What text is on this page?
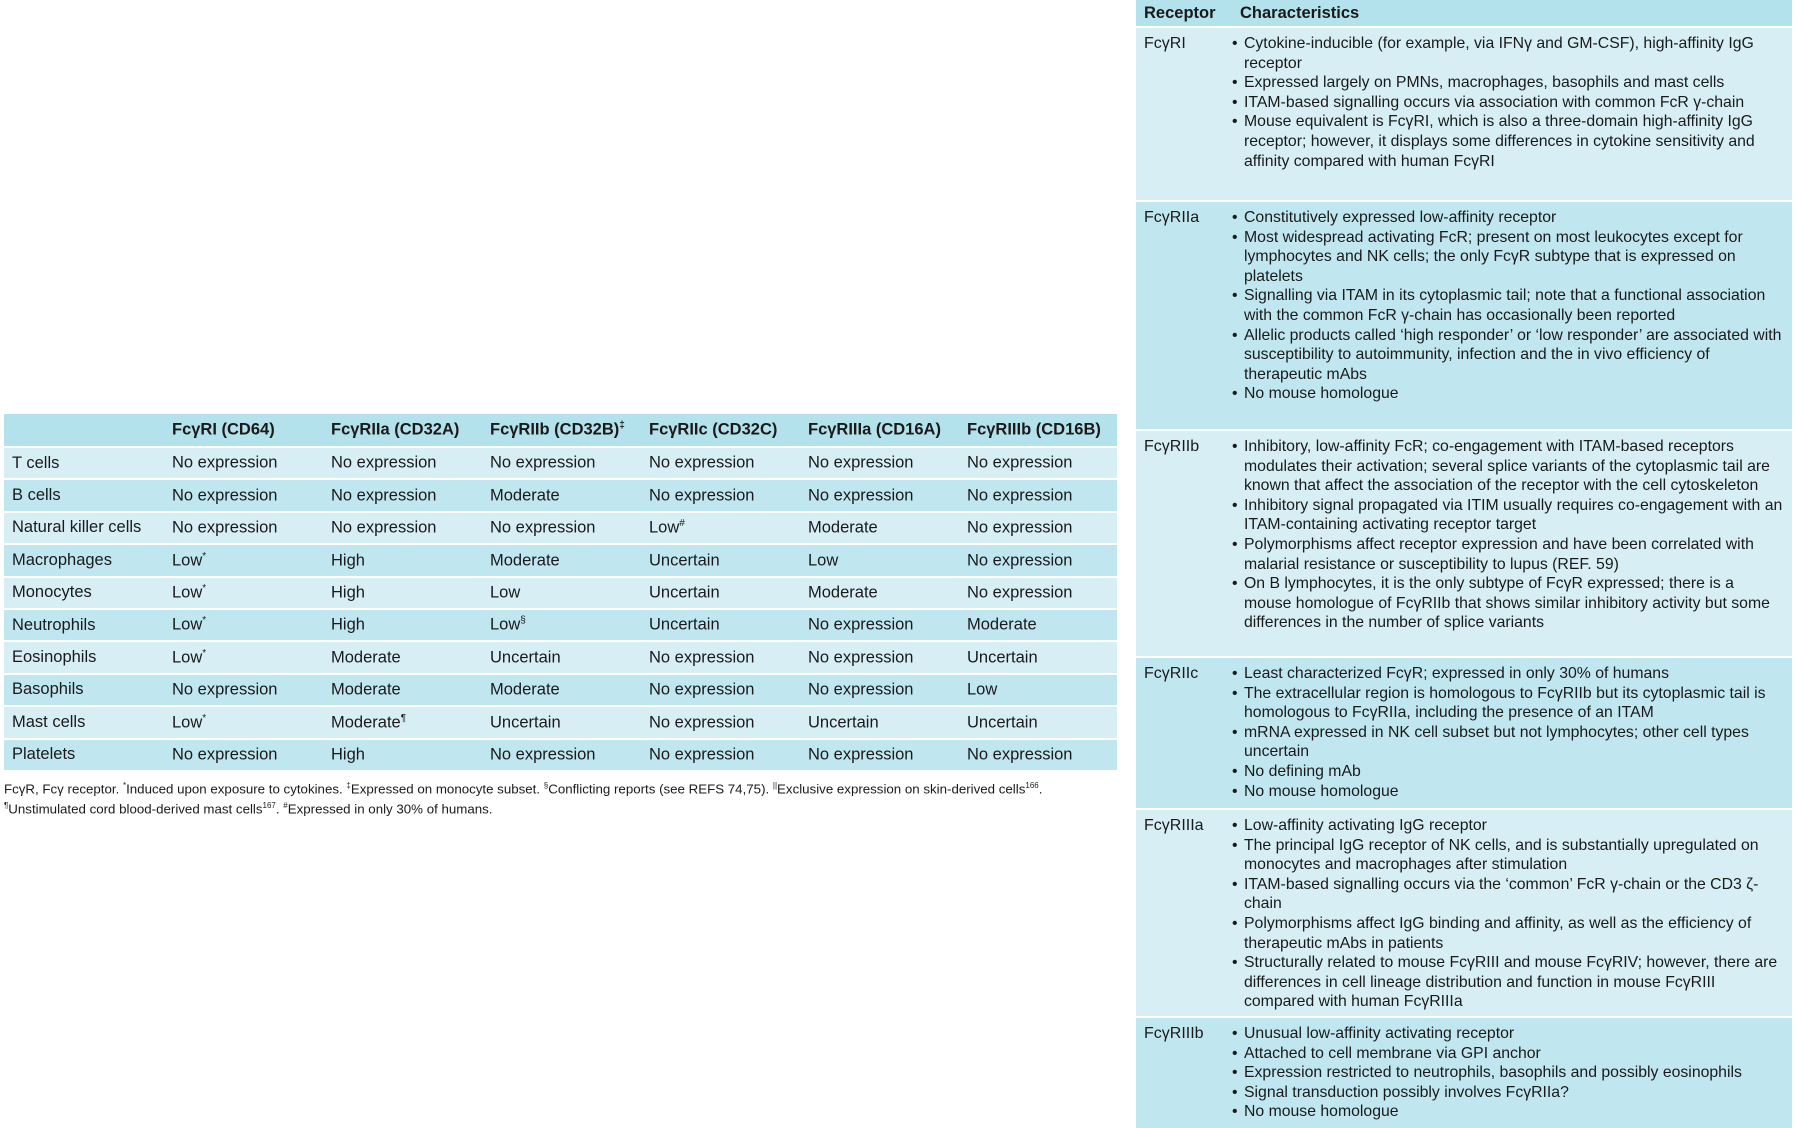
	FcγRI (CD64)	FcγRIIa (CD32A)	FcγRIIb (CD32B)‡	FcγRIIc (CD32C)	FcγRIIIa (CD16A)	FcγRIIIb (CD16B)
T cells	No expression	No expression	No expression	No expression	No expression	No expression
B cells	No expression	No expression	Moderate	No expression	No expression	No expression
Natural killer cells	No expression	No expression	No expression	Low#	Moderate	No expression
Macrophages	Low*	High	Moderate	Uncertain	Low	No expression
Monocytes	Low*	High	Low	Uncertain	Moderate	No expression
Neutrophils	Low*	High	Low§	Uncertain	No expression	Moderate
Eosinophils	Low*	Moderate	Uncertain	No expression	No expression	Uncertain
Basophils	No expression	Moderate	Moderate	No expression	No expression	Low
Mast cells	Low*	Moderate¶	Uncertain	No expression	Uncertain	Uncertain
Platelets	No expression	High	No expression	No expression	No expression	No expression
FcγR, Fcγ receptor. *Induced upon exposure to cytokines. ‡Expressed on monocyte subset. §Conflicting reports (see REFS 74,75). ||Exclusive expression on skin-derived cells$^{166}$. ¶Unstimulated cord blood-derived mast cells$^{167}$. #Expressed in only 30% of humans.
Receptor	Characteristics
FcγRI	• Cytokine-inducible (for example, via IFNγ and GM-CSF), high-affinity IgG receptor
• Expressed largely on PMNs, macrophages, basophils and mast cells
• ITAM-based signalling occurs via association with common FcR γ-chain
• Mouse equivalent is FcγRI, which is also a three-domain high-affinity IgG receptor; however, it displays some differences in cytokine sensitivity and affinity compared with human FcγRI
FcγRIIa	• Constitutively expressed low-affinity receptor
• Most widespread activating FcR; present on most leukocytes except for lymphocytes and NK cells; the only FcγR subtype that is expressed on platelets
• Signalling via ITAM in its cytoplasmic tail; note that a functional association with the common FcR γ-chain has occasionally been reported
• Allelic products called ‘high responder’ or ‘low responder’ are associated with susceptibility to autoimmunity, infection and the in vivo efficiency of therapeutic mAbs
• No mouse homologue
FcγRIIb	• Inhibitory, low-affinity FcR; co-engagement with ITAM-based receptors modulates their activation; several splice variants of the cytoplasmic tail are known that affect the association of the receptor with the cell cytoskeleton
• Inhibitory signal propagated via ITIM usually requires co-engagement with an ITAM-containing activating receptor target
• Polymorphisms affect receptor expression and have been correlated with malarial resistance or susceptibility to lupus (REF. 59)
• On B lymphocytes, it is the only subtype of FcγR expressed; there is a mouse homologue of FcγRIIb that shows similar inhibitory activity but some differences in the number of splice variants
FcγRIIc	• Least characterized FcγR; expressed in only 30% of humans
• The extracellular region is homologous to FcγRIIb but its cytoplasmic tail is homologous to FcγRIIa, including the presence of an ITAM
• mRNA expressed in NK cell subset but not lymphocytes; other cell types uncertain
• No defining mAb
• No mouse homologue
FcγRIIIa	• Low-affinity activating IgG receptor
• The principal IgG receptor of NK cells, and is substantially upregulated on monocytes and macrophages after stimulation
• ITAM-based signalling occurs via the ‘common’ FcR γ-chain or the CD3 ζ-chain
• Polymorphisms affect IgG binding and affinity, as well as the efficiency of therapeutic mAbs in patients
• Structurally related to mouse FcγRIII and mouse FcγRIV; however, there are differences in cell lineage distribution and function in mouse FcγRIII compared with human FcγRIIIa
FcγRIIIb	• Unusual low-affinity activating receptor
• Attached to cell membrane via GPI anchor
• Expression restricted to neutrophils, basophils and possibly eosinophils
• Signal transduction possibly involves FcγRIIa?
• No mouse homologue
